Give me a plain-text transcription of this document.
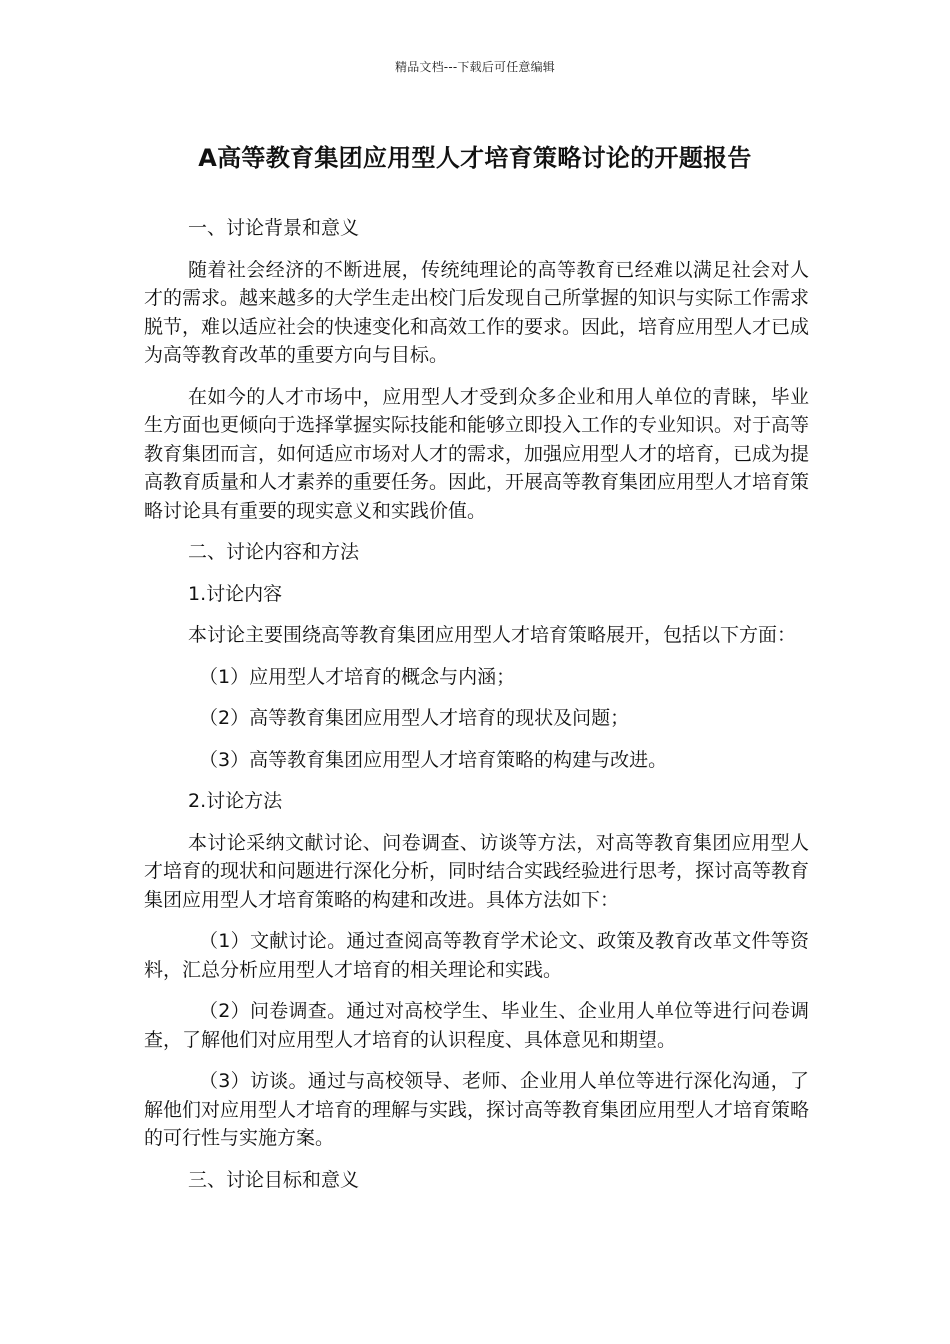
精品文档---下载后可任意编辑
A高等教育集团应用型人才培育策略讨论的开题报告

一、讨论背景和意义

随着社会经济的不断进展，传统纯理论的高等教育已经难以满足社会对人才的需求。越来越多的大学生走出校门后发现自己所掌握的知识与实际工作需求脱节，难以适应社会的快速变化和高效工作的要求。因此，培育应用型人才已成为高等教育改革的重要方向与目标。

在如今的人才市场中，应用型人才受到众多企业和用人单位的青睐，毕业生方面也更倾向于选择掌握实际技能和能够立即投入工作的专业知识。对于高等教育集团而言，如何适应市场对人才的需求，加强应用型人才的培育，已成为提高教育质量和人才素养的重要任务。因此，开展高等教育集团应用型人才培育策略讨论具有重要的现实意义和实践价值。

二、讨论内容和方法

1.讨论内容

本讨论主要围绕高等教育集团应用型人才培育策略展开，包括以下方面：

（1）应用型人才培育的概念与内涵；

（2）高等教育集团应用型人才培育的现状及问题；

（3）高等教育集团应用型人才培育策略的构建与改进。

2.讨论方法

本讨论采纳文献讨论、问卷调查、访谈等方法，对高等教育集团应用型人才培育的现状和问题进行深化分析，同时结合实践经验进行思考，探讨高等教育集团应用型人才培育策略的构建和改进。具体方法如下：

（1）文献讨论。通过查阅高等教育学术论文、政策及教育改革文件等资料，汇总分析应用型人才培育的相关理论和实践。

（2）问卷调查。通过对高校学生、毕业生、企业用人单位等进行问卷调查，了解他们对应用型人才培育的认识程度、具体意见和期望。

（3）访谈。通过与高校领导、老师、企业用人单位等进行深化沟通，了解他们对应用型人才培育的理解与实践，探讨高等教育集团应用型人才培育策略的可行性与实施方案。

三、讨论目标和意义
